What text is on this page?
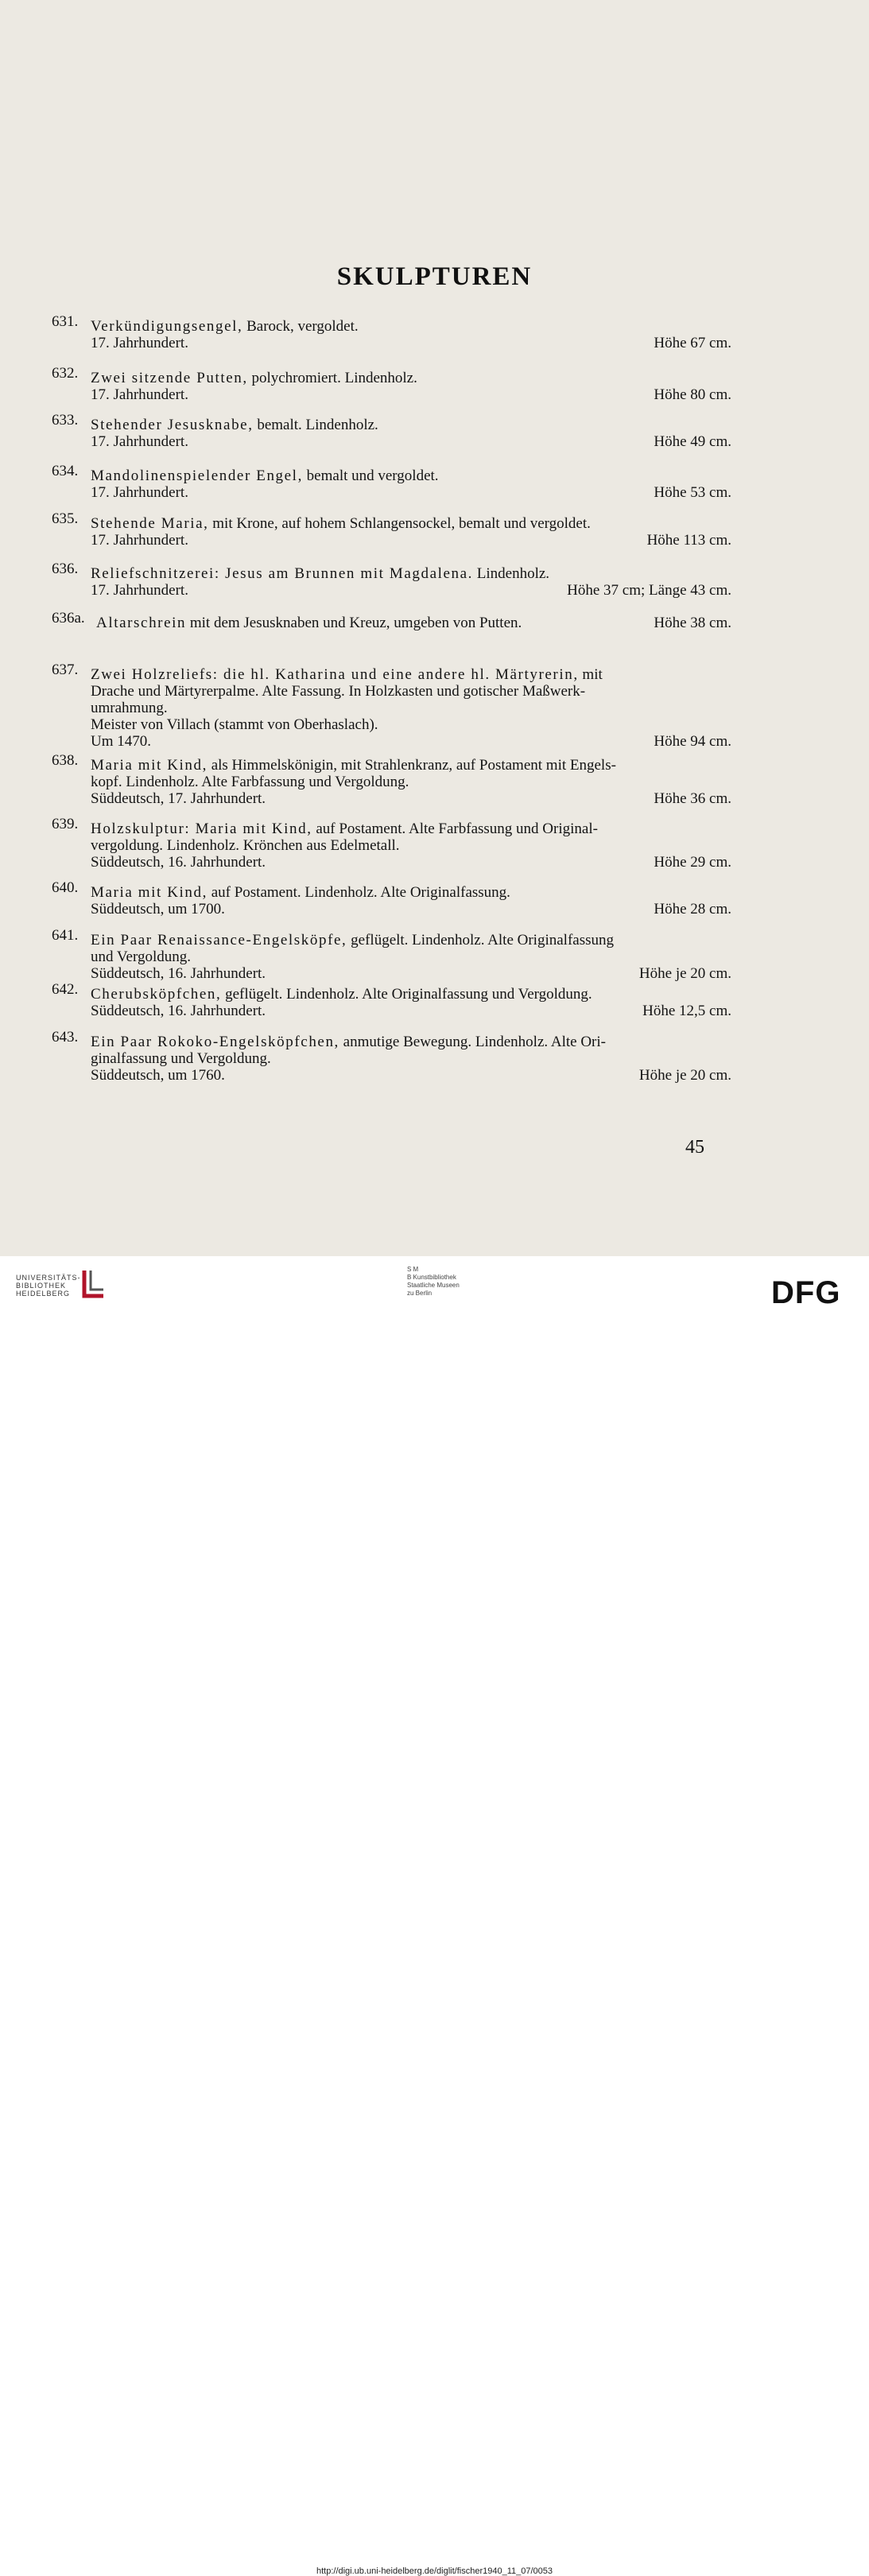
SKULPTUREN
631. Verkündigungsengel, Barock, vergoldet.
17. Jahrhundert.	Höhe 67 cm.
632. Zwei sitzende Putten, polychromiert. Lindenholz.
17. Jahrhundert.	Höhe 80 cm.
633. Stehender Jesusknabe, bemalt. Lindenholz.
17. Jahrhundert.	Höhe 49 cm.
634. Mandolinenspielender Engel, bemalt und vergoldet.
17. Jahrhundert.	Höhe 53 cm.
635. Stehende Maria, mit Krone, auf hohem Schlangensockel, bemalt und vergoldet.
17. Jahrhundert.	Höhe 113 cm.
636. Reliefschnitzerei: Jesus am Brunnen mit Magdalena. Lindenholz.
17. Jahrhundert.	Höhe 37 cm; Länge 43 cm.
636a. Altarschrein mit dem Jesusknaben und Kreuz, umgeben von Putten.	Höhe 38 cm.
637. Zwei Holzreliefs: die hl. Katharina und eine andere hl. Märtyrerin, mit
Drache und Märtyrerpalme. Alte Fassung. In Holzkasten und gotischer Maßwerk-
umrahmung.
Meister von Villach (stammt von Oberhaslach).
Um 1470.	Höhe 94 cm.
638. Maria mit Kind, als Himmelskönigin, mit Strahlenkranz, auf Postament mit Engels-
kopf. Lindenholz. Alte Farbfassung und Vergoldung.
Süddeutsch, 17. Jahrhundert.	Höhe 36 cm.
639. Holzskulptur: Maria mit Kind, auf Postament. Alte Farbfassung und Original-
vergoldung. Lindenholz. Krönchen aus Edelmetall.
Süddeutsch, 16. Jahrhundert.	Höhe 29 cm.
640. Maria mit Kind, auf Postament. Lindenholz. Alte Originalfassung.
Süddeutsch, um 1700.	Höhe 28 cm.
641. Ein Paar Renaissance-Engelsköpfe, geflügelt. Lindenholz. Alte Originalfassung
und Vergoldung.
Süddeutsch, 16. Jahrhundert.	Höhe je 20 cm.
642. Cherubsköpfchen, geflügelt. Lindenholz. Alte Originalfassung und Vergoldung.
Süddeutsch, 16. Jahrhundert.	Höhe 12,5 cm.
643. Ein Paar Rokoko-Engelsköpfchen, anmutige Bewegung. Lindenholz. Alte Ori-
ginalfassung und Vergoldung.
Süddeutsch, um 1760.	Höhe je 20 cm.
45
UNIVERSITÄTS-
BIBLIOTHEK
HEIDELBERG
S M
B Kunstbibliothek
Staatliche Museen
zu Berlin	DFG
http://digi.ub.uni-heidelberg.de/diglit/fischer1940_11_07/0053
